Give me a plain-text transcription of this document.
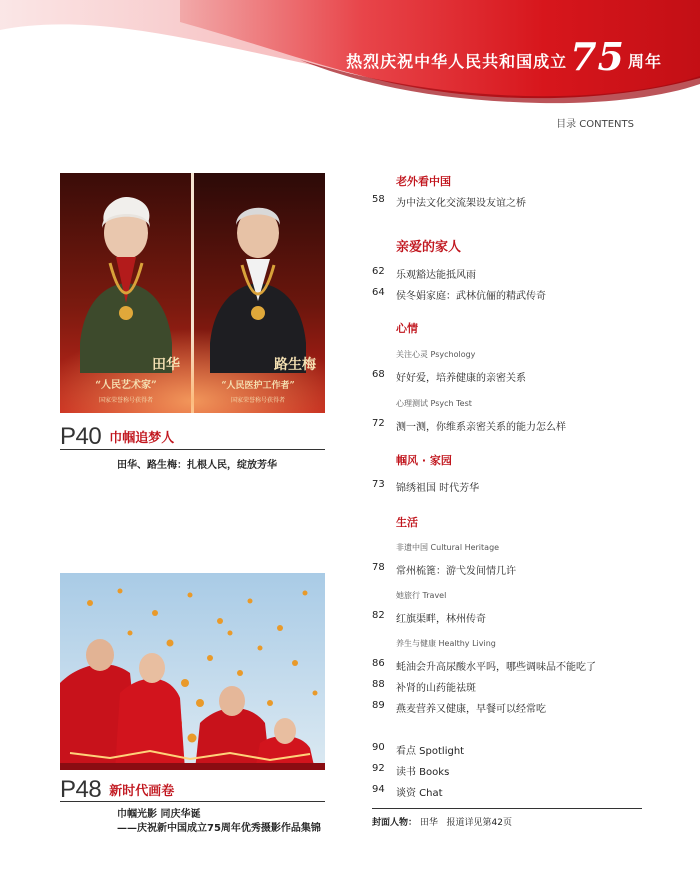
热烈庆祝中华人民共和国成立 75 周年
目录 CONTENTS
田华
“人民艺术家”
国家荣誉称号获得者
路生梅
“人民医护工作者”
国家荣誉称号获得者
P40 巾帼追梦人
田华、路生梅：扎根人民，绽放芳华
P48 新时代画卷
巾帼光影 同庆华诞
——庆祝新中国成立75周年优秀摄影作品集锦
老外看中国
58	为中法文化交流架设友谊之桥
亲爱的家人
62	乐观豁达能抵风雨
64	侯冬娟家庭：武林伉俪的精武传奇
心情
关注心灵 Psychology
68	好好爱，培养健康的亲密关系
心理测试 Psych Test
72	测一测，你维系亲密关系的能力怎么样
帼风 · 家园
73	锦绣祖国 时代芳华
生活
非遗中国 Cultural Heritage
78	常州梳篦：游弋发间情几许
她旅行 Travel
82	红旗渠畔，林州传奇
养生与健康 Healthy Living
86	蚝油会升高尿酸水平吗，哪些调味品不能吃了
88	补肾的山药能祛斑
89	燕麦营养又健康，早餐可以经常吃
90	看点 Spotlight
92	读书 Books
94	谈资 Chat
封面人物： 田华 报道详见第42页
